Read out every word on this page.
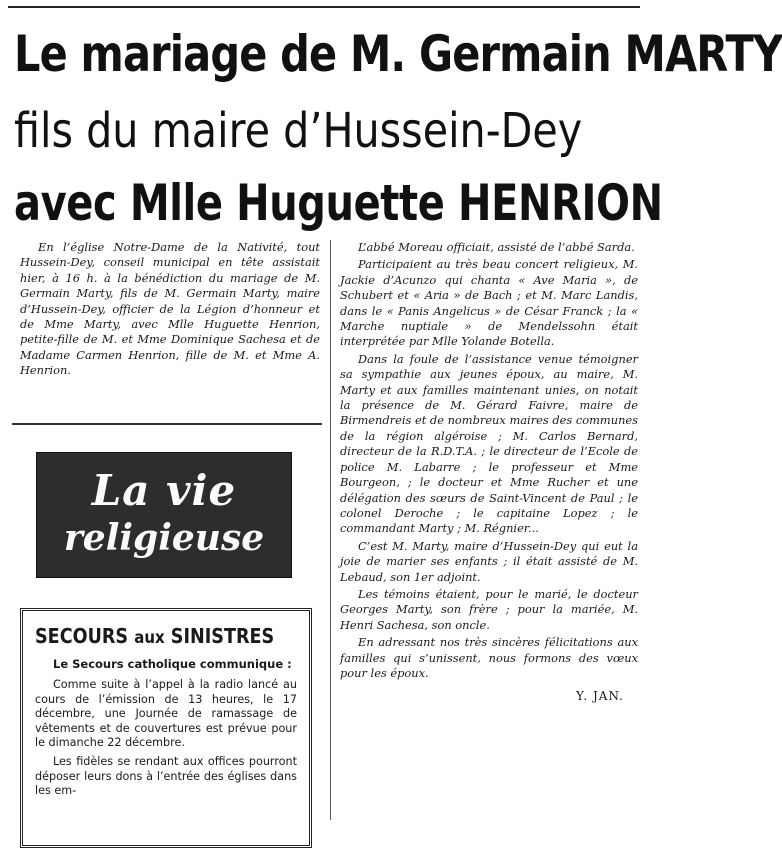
Le mariage de M. Germain MARTY
fils du maire d’Hussein-Dey
avec Mlle Huguette HENRION

En l’église Notre-Dame de la Nativité, tout Hussein-Dey, conseil municipal en tête assistait hier, à 16 h. à la bénédiction du mariage de M. Germain Marty, fils de M. Germain Marty, maire d’Hussein-Dey, officier de la Légion d’honneur et de Mme Marty, avec Mlle Huguette Henrion, petite-fille de M. et Mme Dominique Sachesa et de Madame Carmen Henrion, fille de M. et Mme A. Henrion.

L’abbé Moreau officiait, assisté de l’abbé Sarda.

Participaient au très beau concert religieux, M. Jackie d’Acunzo qui chanta « Ave Maria », de Schubert et « Aria » de Bach ; et M. Marc Landis, dans le « Panis Angelicus » de César Franck ; la « Marche nuptiale » de Mendelssohn était interprétée par Mlle Yolande Botella.

Dans la foule de l’assistance venue témoigner sa sympathie aux jeunes époux, au maire, M. Marty et aux familles maintenant unies, on notait la présence de M. Gérard Faivre, maire de Birmendreis et de nombreux maires des communes de la région algéroise ; M. Carlos Bernard, directeur de la R.D.T.A. ; le directeur de l’Ecole de police M. Labarre ; le professeur et Mme Bourgeon, ; le docteur et Mme Rucher et une délégation des sœurs de Saint-Vincent de Paul ; le colonel Deroche ; le capitaine Lopez ; le commandant Marty ; M. Régnier...

C’est M. Marty, maire d’Hussein-Dey qui eut la joie de marier ses enfants ; il était assisté de M. Lebaud, son 1er adjoint.

Les témoins étaient, pour le marié, le docteur Georges Marty, son frère ; pour la mariée, M. Henri Sachesa, son oncle.

En adressant nos très sincères félicitations aux familles qui s’unissent, nous formons des vœux pour les époux.

Y. JAN.
La vie
religieuse
SECOURS aux SINISTRES

Le Secours catholique communique :

Comme suite à l’appel à la radio lancé au cours de l’émission de 13 heures, le 17 décembre, une Journée de ramassage de vêtements et de couvertures est prévue pour le dimanche 22 décembre.

Les fidèles se rendant aux offices pourront déposer leurs dons à l’entrée des églises dans les em-
